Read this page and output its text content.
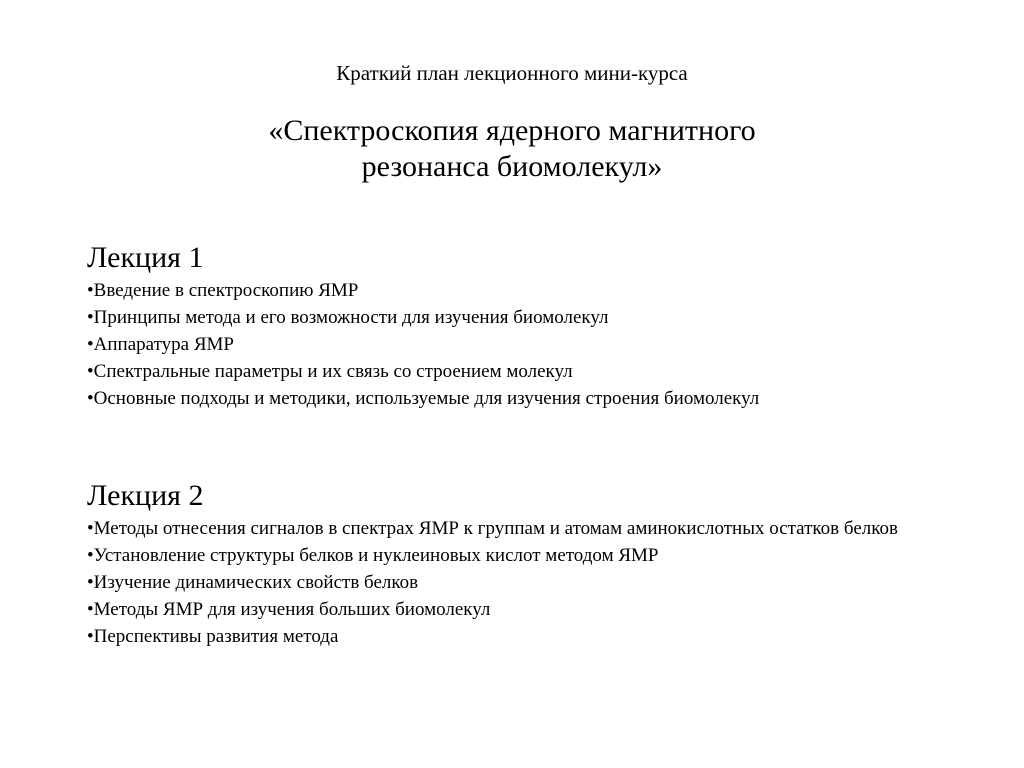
Краткий план лекционного мини-курса

«Спектроскопия ядерного магнитного
резонанса биомолекул»
Лекция 1
•Введение в спектроскопию ЯМР
•Принципы метода и его возможности для изучения биомолекул
•Аппаратура ЯМР
•Спектральные параметры и их связь со строением молекул
•Основные подходы и методики, используемые для изучения строения биомолекул
Лекция 2
•Методы отнесения сигналов в спектрах ЯМР к группам и атомам аминокислотных остатков белков
•Установление структуры белков и нуклеиновых кислот методом ЯМР
•Изучение динамических свойств белков
•Методы ЯМР для изучения больших биомолекул
•Перспективы развития метода
